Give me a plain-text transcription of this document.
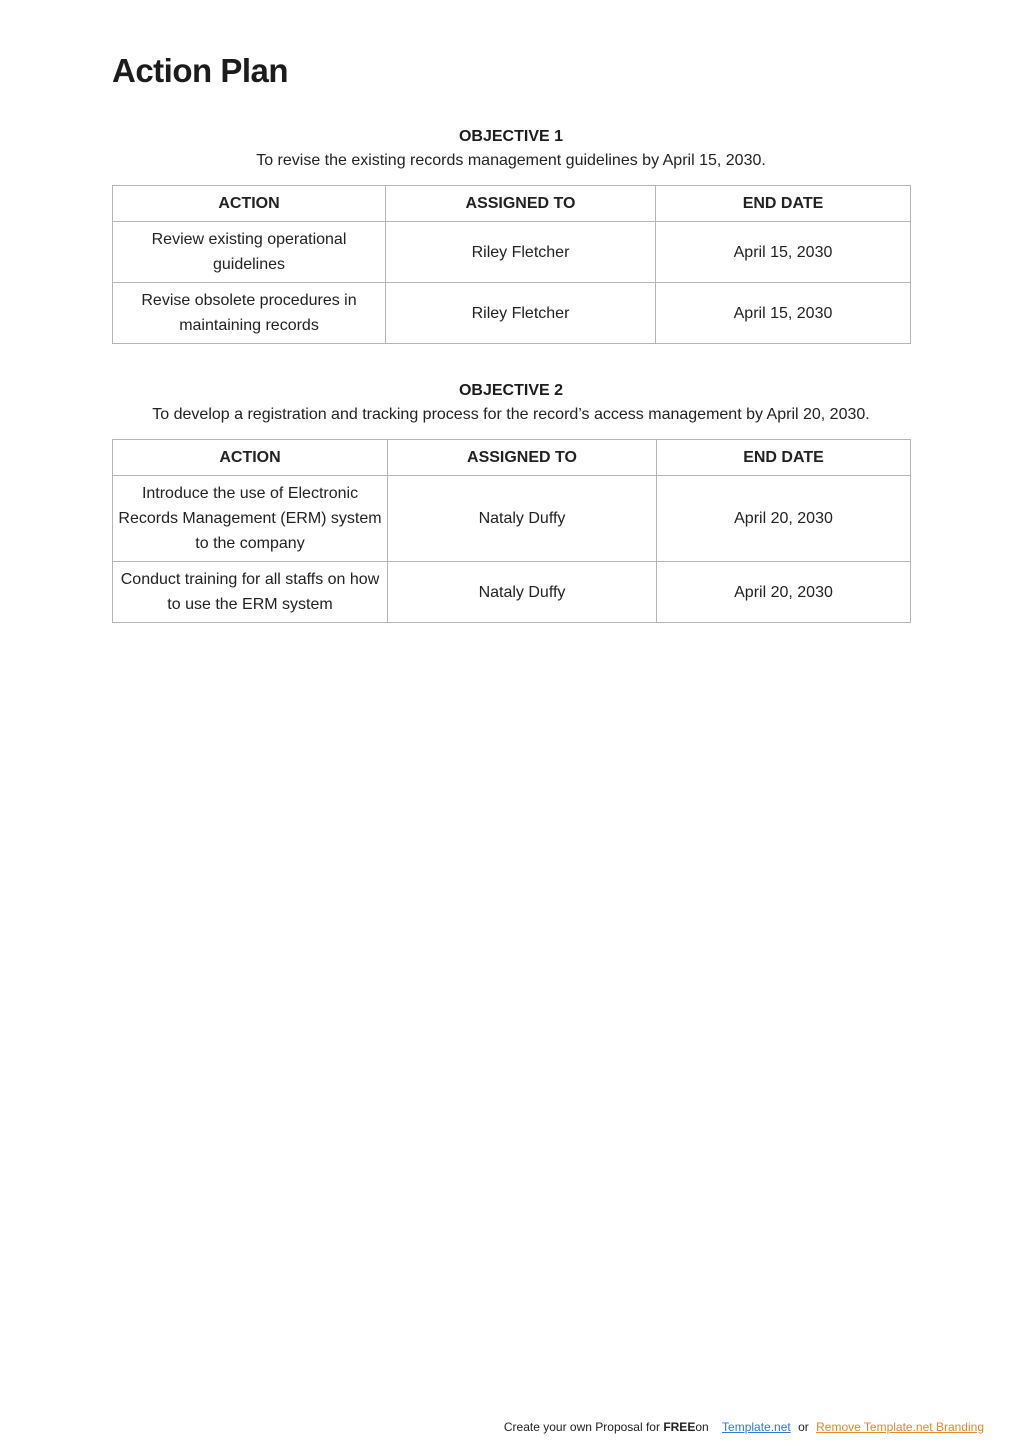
Action Plan
OBJECTIVE 1
To revise the existing records management guidelines by April 15, 2030.
ACTION	ASSIGNED TO	END DATE
Review existing operational guidelines	Riley Fletcher	April 15, 2030
Revise obsolete procedures in maintaining records	Riley Fletcher	April 15, 2030
OBJECTIVE 2
To develop a registration and tracking process for the record’s access management by April 20, 2030.
ACTION	ASSIGNED TO	END DATE
Introduce the use of Electronic Records Management (ERM) system to the company	Nataly Duffy	April 20, 2030
Conduct training for all staffs on how to use the ERM system	Nataly Duffy	April 20, 2030
Create your own Proposal for FREEon Template.net or Remove Template.net Branding
